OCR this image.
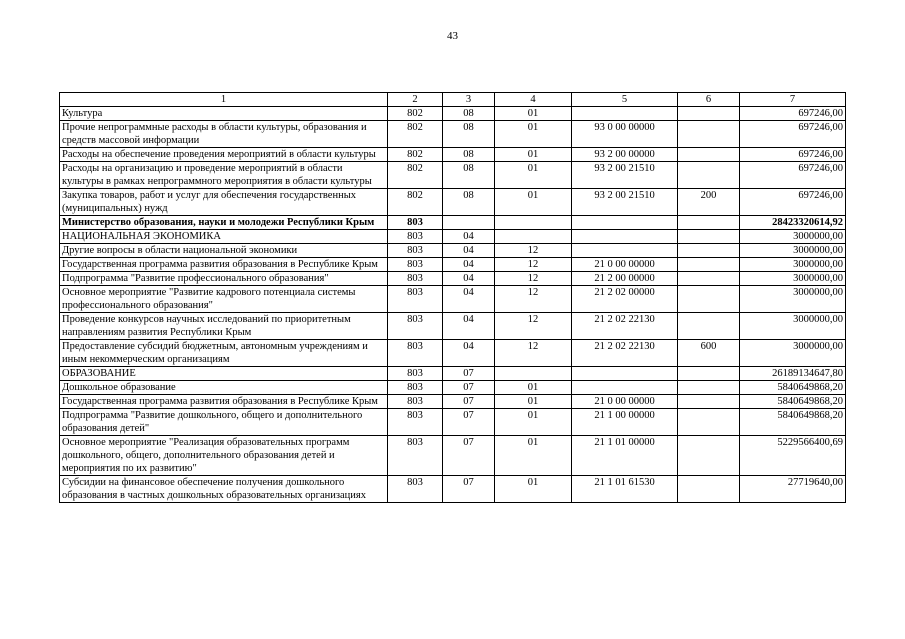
43
1	2	3	4	5	6	7
Культура	802	08	01			697246,00
Прочие непрограммные расходы в области культуры, образования и средств массовой информации	802	08	01	93 0 00 00000		697246,00
Расходы на обеспечение проведения мероприятий в области культуры	802	08	01	93 2 00 00000		697246,00
Расходы на организацию и проведение мероприятий в области культуры в рамках непрограммного мероприятия в области культуры	802	08	01	93 2 00 21510		697246,00
Закупка товаров, работ и услуг для обеспечения государственных (муниципальных) нужд	802	08	01	93 2 00 21510	200	697246,00
Министерство образования, науки и молодежи Республики Крым	803					28423320614,92
НАЦИОНАЛЬНАЯ ЭКОНОМИКА	803	04				3000000,00
Другие вопросы в области национальной экономики	803	04	12			3000000,00
Государственная программа развития образования в Республике Крым	803	04	12	21 0 00 00000		3000000,00
Подпрограмма "Развитие профессионального образования"	803	04	12	21 2 00 00000		3000000,00
Основное мероприятие "Развитие кадрового потенциала системы профессионального образования"	803	04	12	21 2 02 00000		3000000,00
Проведение конкурсов научных исследований по приоритетным направлениям развития Республики Крым	803	04	12	21 2 02 22130		3000000,00
Предоставление субсидий бюджетным, автономным учреждениям и иным некоммерческим организациям	803	04	12	21 2 02 22130	600	3000000,00
ОБРАЗОВАНИЕ	803	07				26189134647,80
Дошкольное образование	803	07	01			5840649868,20
Государственная программа развития образования в Республике Крым	803	07	01	21 0 00 00000		5840649868,20
Подпрограмма "Развитие дошкольного, общего и дополнительного образования детей"	803	07	01	21 1 00 00000		5840649868,20
Основное мероприятие "Реализация образовательных программ дошкольного, общего, дополнительного образования детей и мероприятия по их развитию"	803	07	01	21 1 01 00000		5229566400,69
Субсидии на финансовое обеспечение получения дошкольного образования в частных дошкольных образовательных организациях	803	07	01	21 1 01 61530		27719640,00
